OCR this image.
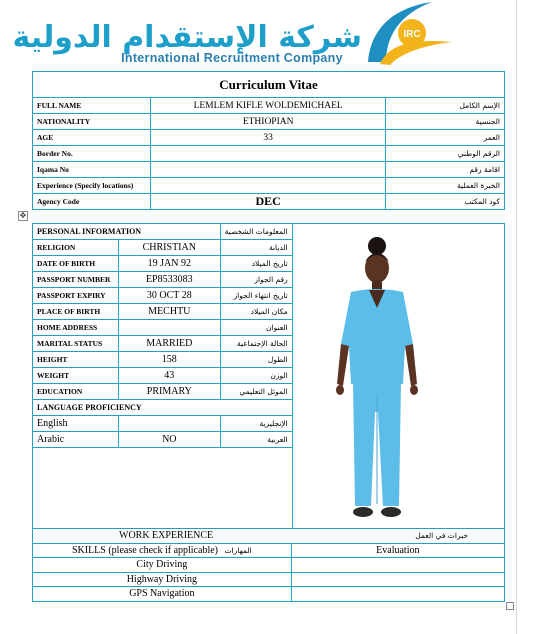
شركة الإستقدام الدولية
International Recruitment Company
IRC
Curriculum Vitae		
FULL NAME	LEMLEM KIFLE WOLDEMICHAEL	الإسم الكامل
NATIONALITY	ETHIOPIAN	الجنسية
AGE	33	العمر
Border No.		الرقم الوطني
Iqama No		اقامة رقم
Experience (Specify locations)		الخبرة العملية
Agency Code	DEC	كود المكتب
✥
PERSONAL INFORMATION		المعلومات الشخصية	
RELIGION	CHRISTIAN	الديانة	
DATE OF BIRTH	19 JAN 92	تاريخ الميلاد	
PASSPORT NUMBER	EP8533083	رقم الجواز	
PASSPORT EXPIRY	30 OCT 28	تاريخ انتهاء الجواز	
PLACE OF BIRTH	MECHTU	مكان الميلاد	
HOME ADDRESS		العنوان	
MARITAL STATUS	MARRIED	الحالة الإجتماعية	
HEIGHT	158	الطول	
WEIGHT	43	الوزن	
EDUCATION	PRIMARY	الموئل التعليمي	
LANGUAGE PROFICIENCY			
English		الإنجليزية	
Arabic	NO	العربية	

WORK EXPERIENCE خبرات في العمل	

SKILLS (please check if applicable) المهارات	Evaluation
City Driving	
Highway Driving	
GPS Navigation	
